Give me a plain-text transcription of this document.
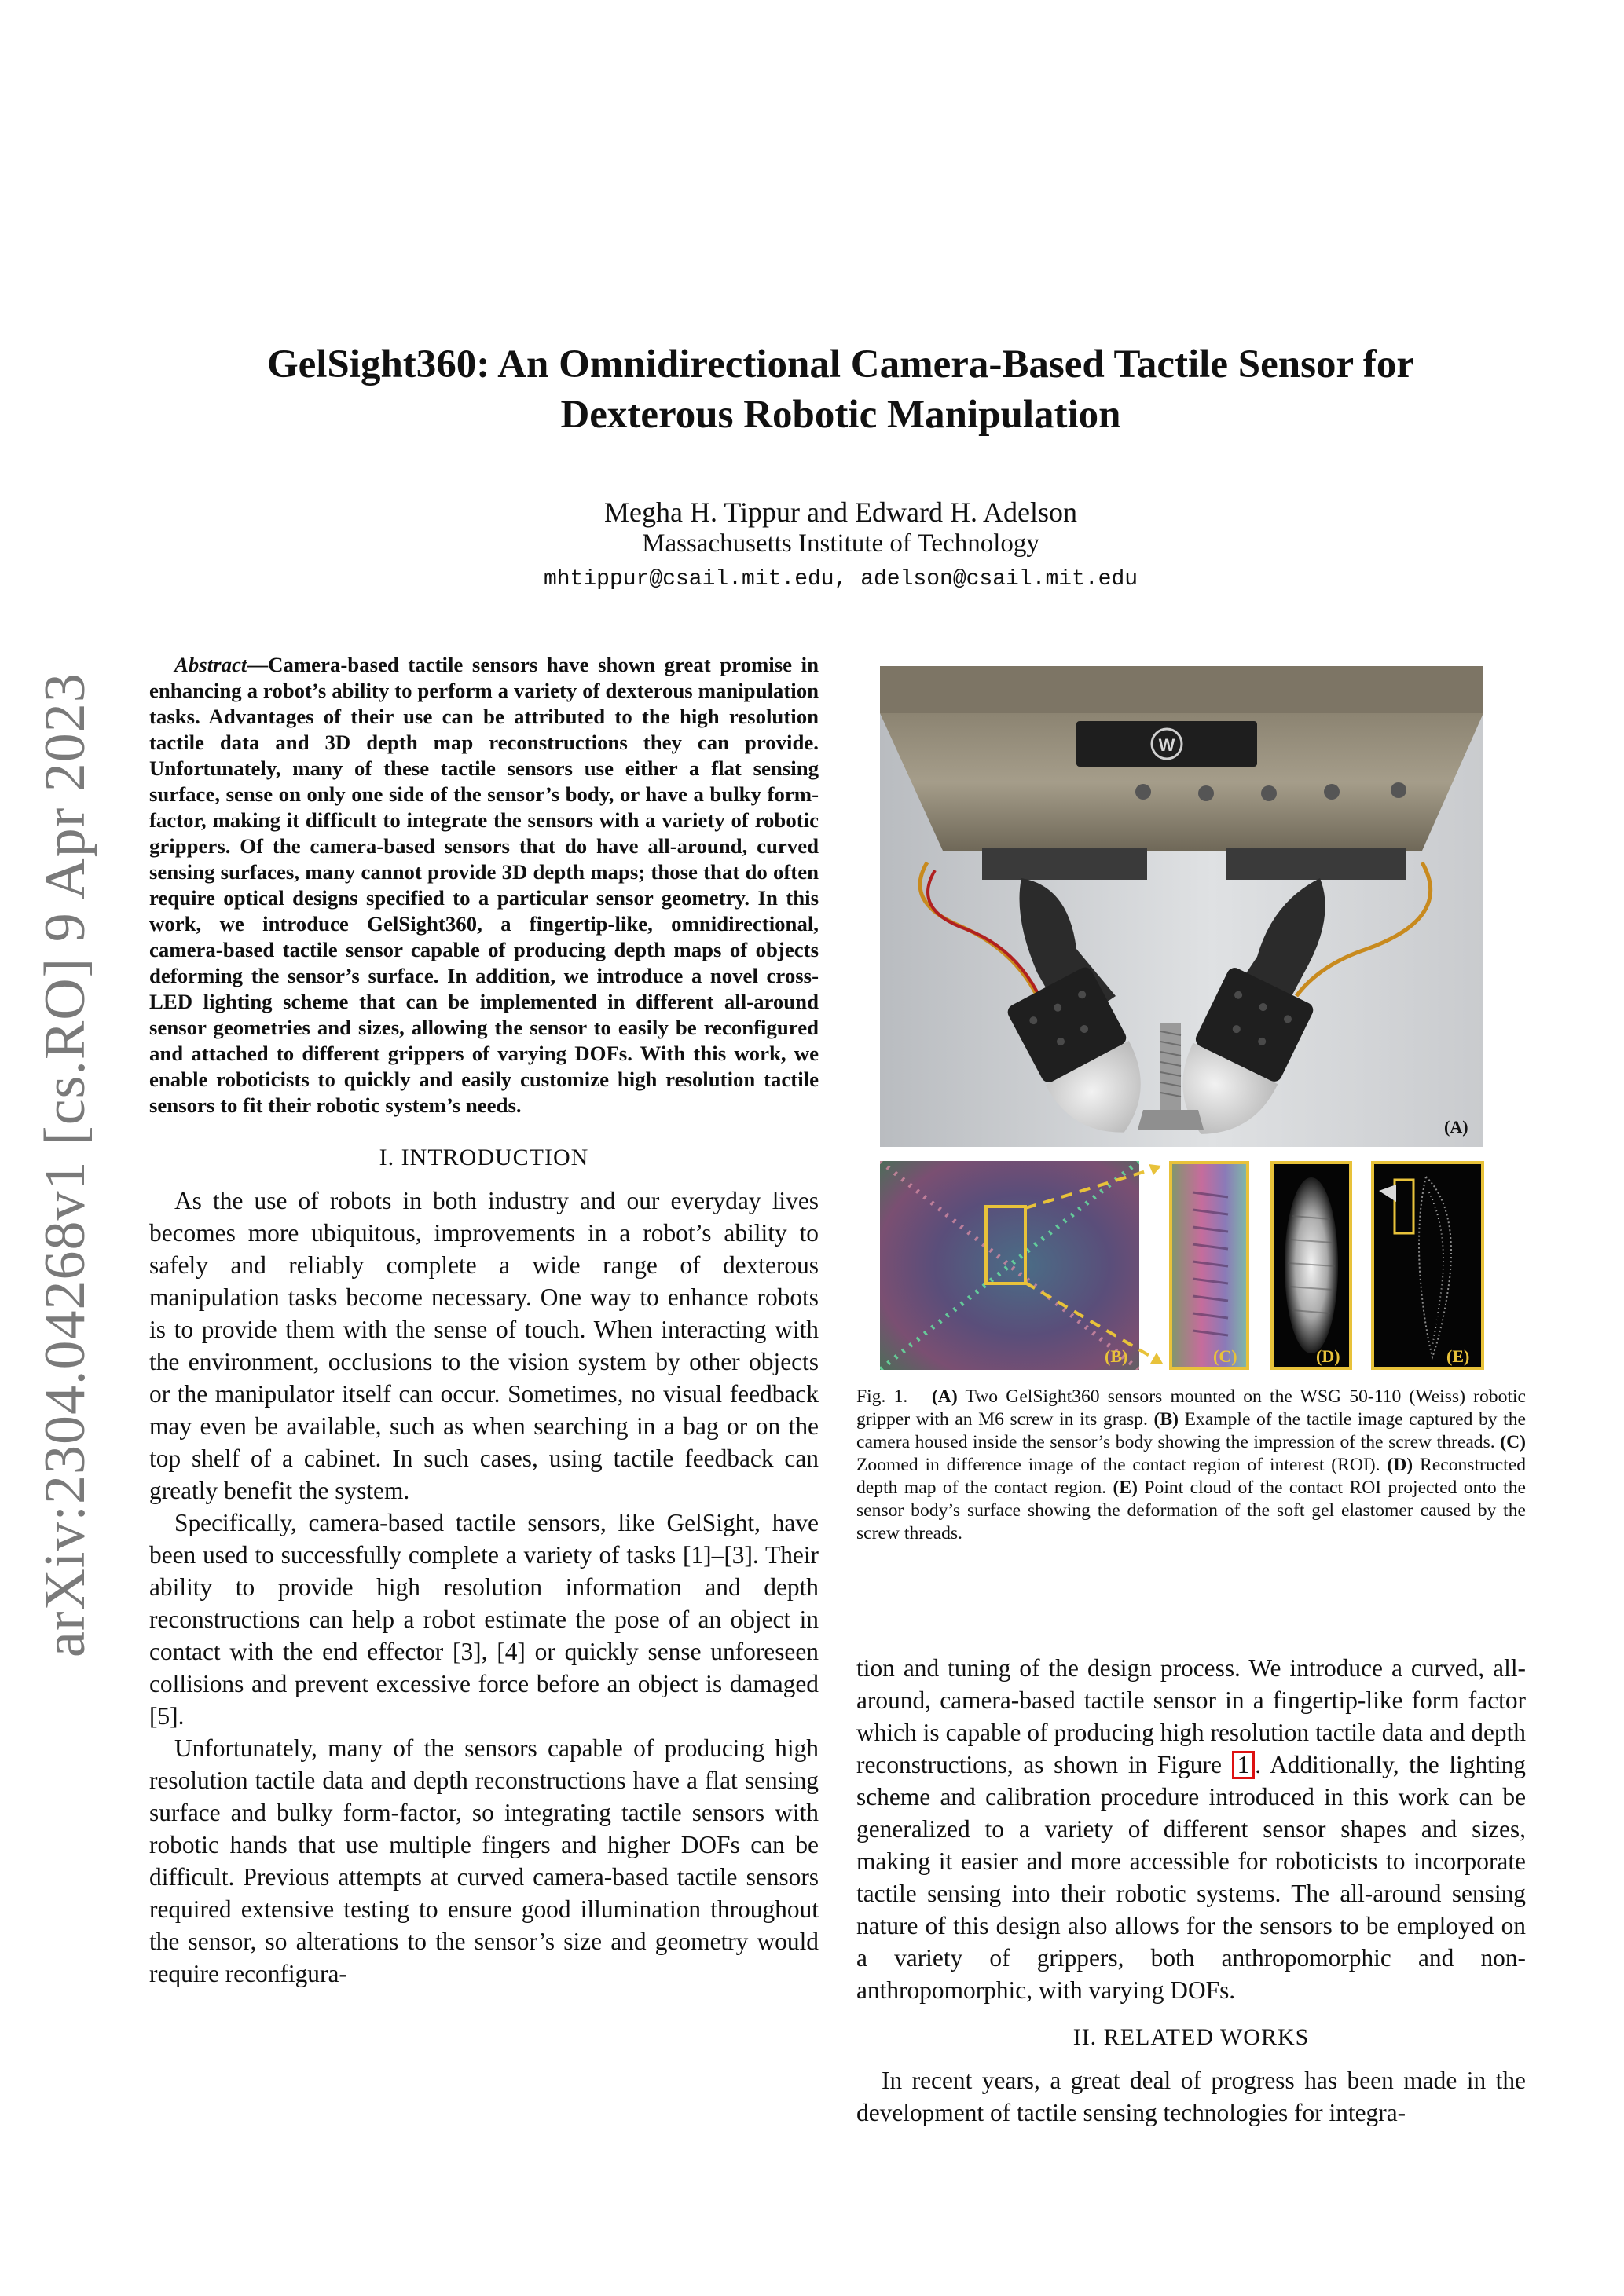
arXiv:2304.04268v1 [cs.RO] 9 Apr 2023
GelSight360: An Omnidirectional Camera-Based Tactile Sensor for
Dexterous Robotic Manipulation
Megha H. Tippur and Edward H. Adelson
Massachusetts Institute of Technology
mhtippur@csail.mit.edu, adelson@csail.mit.edu

Abstract—Camera-based tactile sensors have shown great promise in enhancing a robot’s ability to perform a variety of dexterous manipulation tasks. Advantages of their use can be attributed to the high resolution tactile data and 3D depth map reconstructions they can provide. Unfortunately, many of these tactile sensors use either a flat sensing surface, sense on only one side of the sensor’s body, or have a bulky form-factor, making it difficult to integrate the sensors with a variety of robotic grippers. Of the camera-based sensors that do have all-around, curved sensing surfaces, many cannot provide 3D depth maps; those that do often require optical designs specified to a particular sensor geometry. In this work, we introduce GelSight360, a fingertip-like, omnidirectional, camera-based tactile sensor capable of producing depth maps of objects deforming the sensor’s surface. In addition, we introduce a novel cross-LED lighting scheme that can be implemented in different all-around sensor geometries and sizes, allowing the sensor to easily be reconfigured and attached to different grippers of varying DOFs. With this work, we enable roboticists to quickly and easily customize high resolution tactile sensors to fit their robotic system’s needs.

I. INTRODUCTION

As the use of robots in both industry and our everyday lives becomes more ubiquitous, improvements in a robot’s ability to safely and reliably complete a wide range of dexterous manipulation tasks become necessary. One way to enhance robots is to provide them with the sense of touch. When interacting with the environment, occlusions to the vision system by other objects or the manipulator itself can occur. Sometimes, no visual feedback may even be available, such as when searching in a bag or on the top shelf of a cabinet. In such cases, using tactile feedback can greatly benefit the system.

Specifically, camera-based tactile sensors, like GelSight, have been used to successfully complete a variety of tasks [1]–[3]. Their ability to provide high resolution information and depth reconstructions can help a robot estimate the pose of an object in contact with the end effector [3], [4] or quickly sense unforeseen collisions and prevent excessive force before an object is damaged [5].

Unfortunately, many of the sensors capable of producing high resolution tactile data and depth reconstructions have a flat sensing surface and bulky form-factor, so integrating tactile sensors with robotic hands that use multiple fingers and higher DOFs can be difficult. Previous attempts at curved camera-based tactile sensors required extensive testing to ensure good illumination throughout the sensor, so alterations to the sensor’s size and geometry would require reconfigura-

W
(A)
(B)	(C)	(D)	(E)
Fig. 1. (A) Two GelSight360 sensors mounted on the WSG 50-110 (Weiss) robotic gripper with an M6 screw in its grasp. (B) Example of the tactile image captured by the camera housed inside the sensor’s body showing the impression of the screw threads. (C) Zoomed in difference image of the contact region of interest (ROI). (D) Reconstructed depth map of the contact region. (E) Point cloud of the contact ROI projected onto the sensor body’s surface showing the deformation of the soft gel elastomer caused by the screw threads.

tion and tuning of the design process. We introduce a curved, all-around, camera-based tactile sensor in a fingertip-like form factor which is capable of producing high resolution tactile data and depth reconstructions, as shown in Figure 1 . Additionally, the lighting scheme and calibration procedure introduced in this work can be generalized to a variety of different sensor shapes and sizes, making it easier and more accessible for roboticists to incorporate tactile sensing into their robotic systems. The all-around sensing nature of this design also allows for the sensors to be employed on a variety of grippers, both anthropomorphic and non-anthropomorphic, with varying DOFs.

II. RELATED WORKS

In recent years, a great deal of progress has been made in the development of tactile sensing technologies for integra-
